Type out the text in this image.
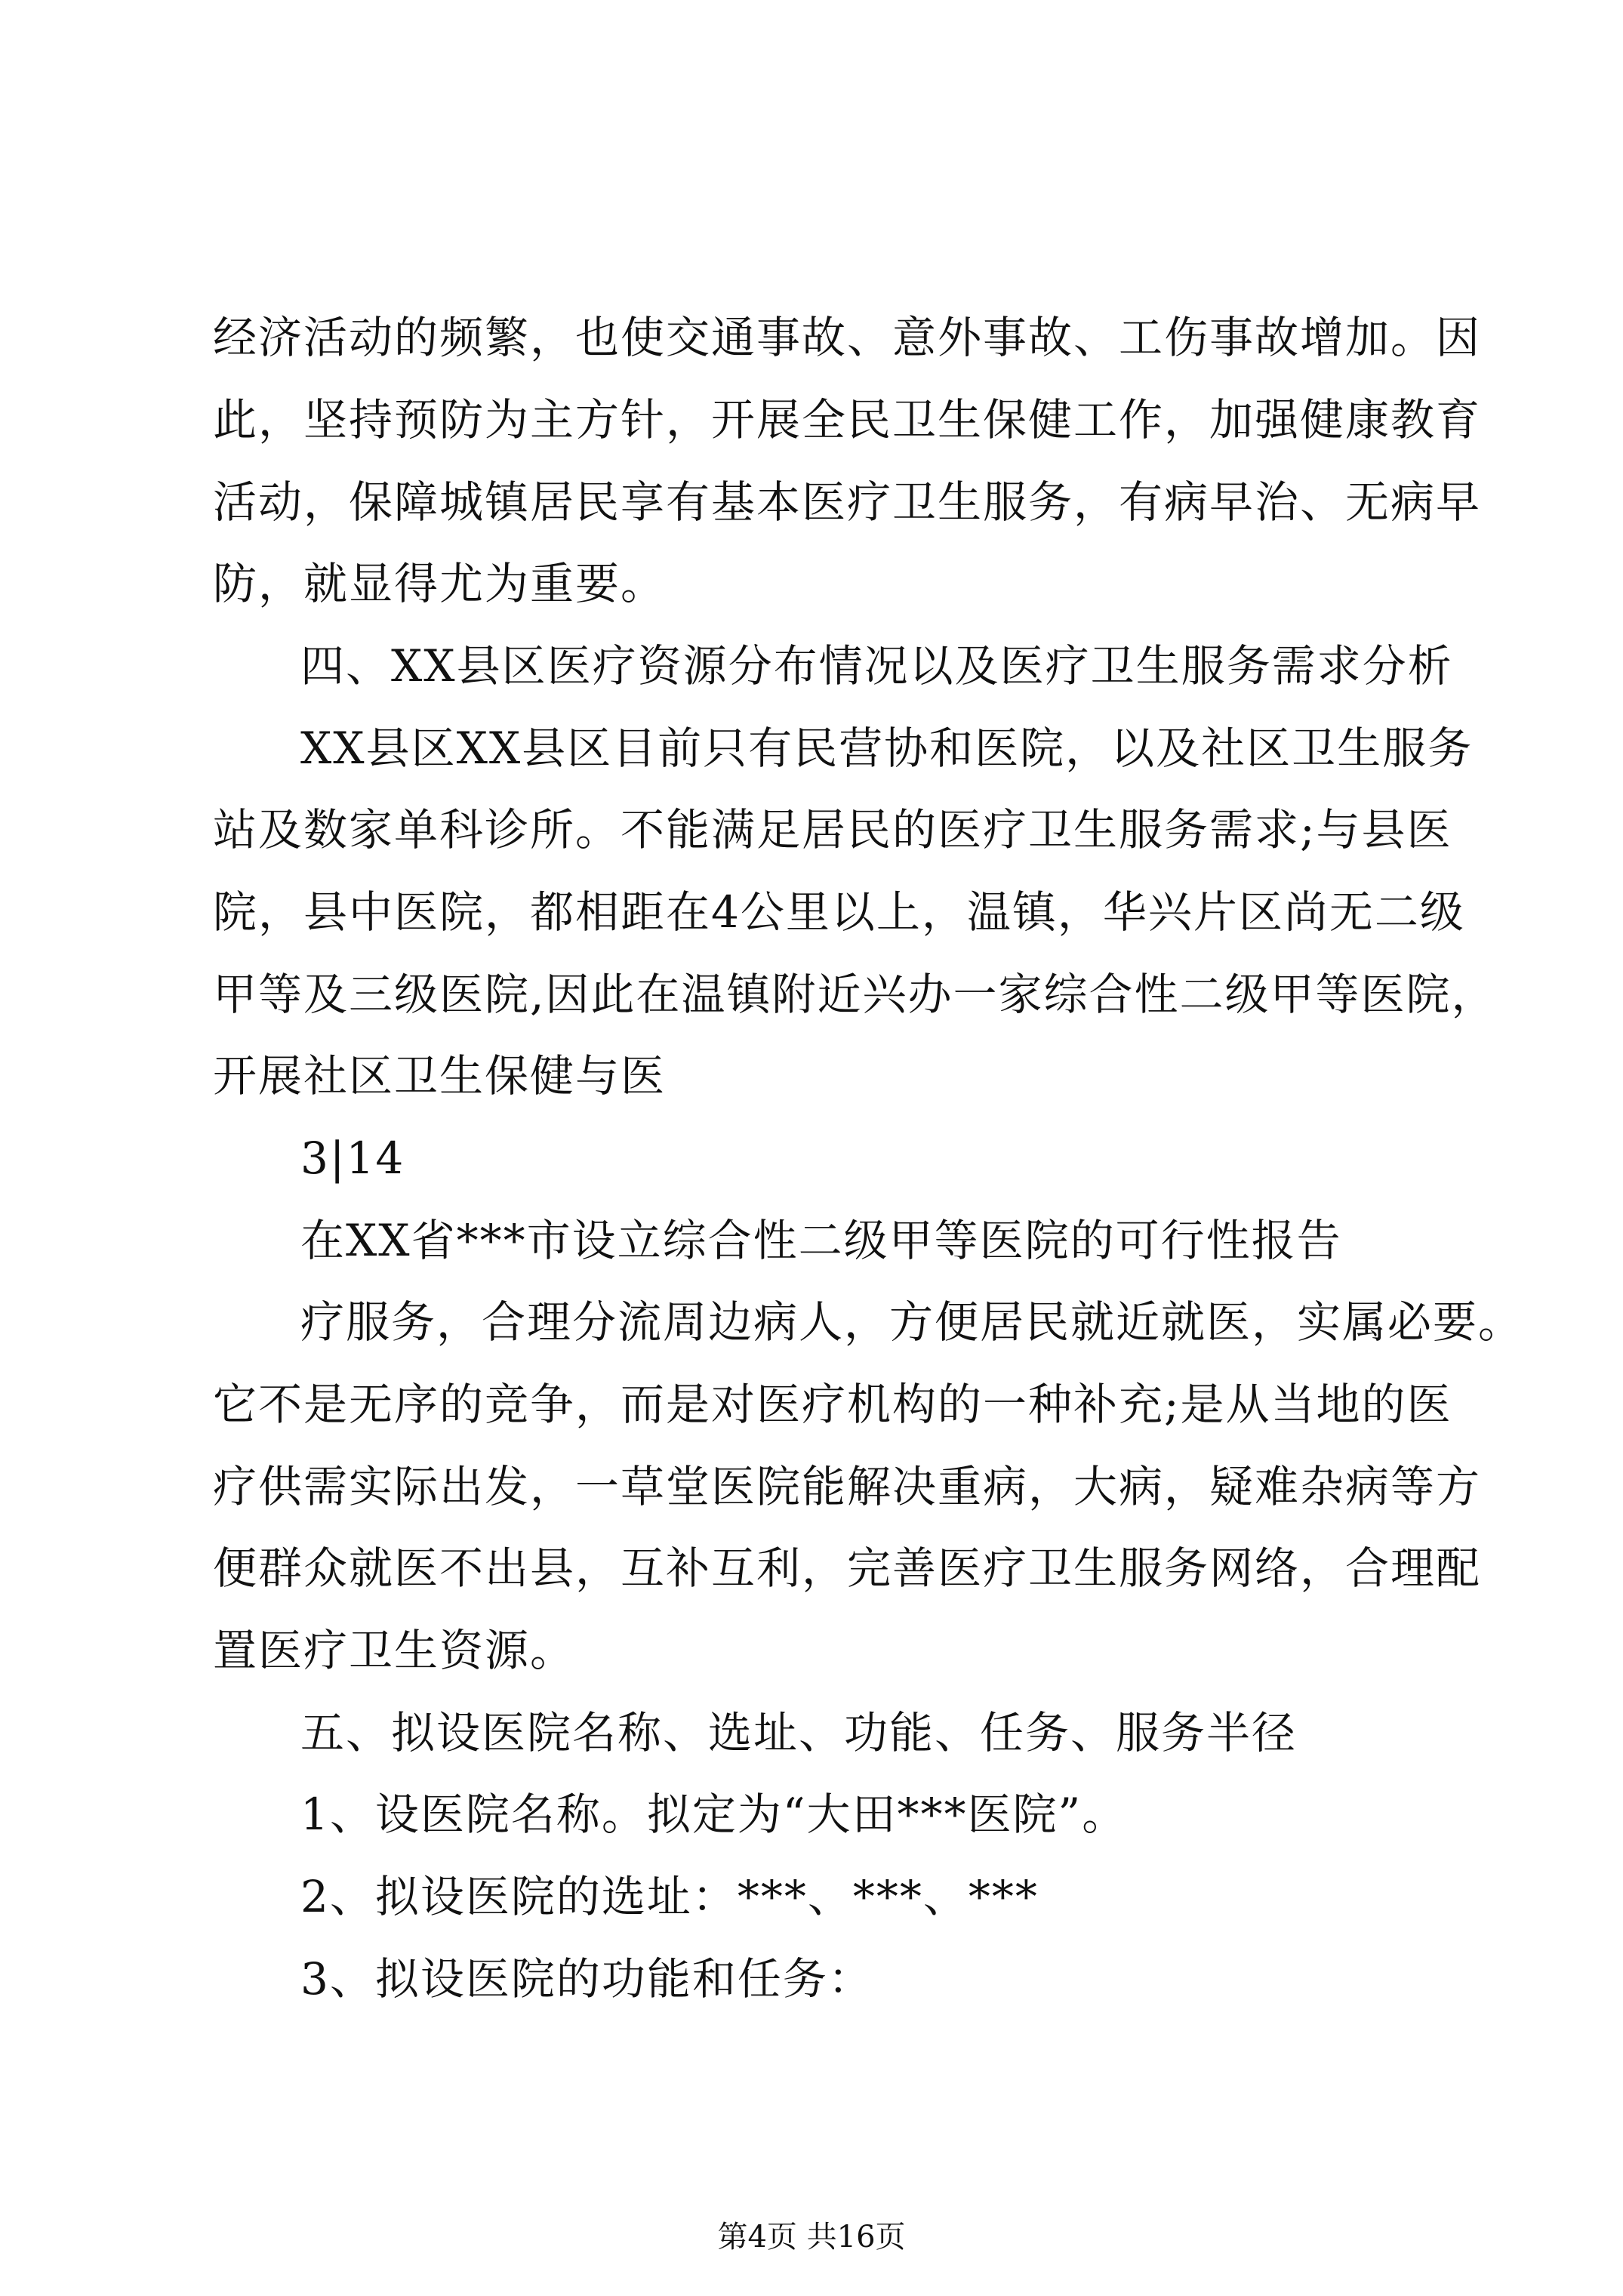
经济活动的频繁，也使交通事故、意外事故、工伤事故增加。因
此，坚持预防为主方针，开展全民卫生保健工作，加强健康教育
活动，保障城镇居民享有基本医疗卫生服务，有病早治、无病早
防，就显得尤为重要。
四、XX县区医疗资源分布情况以及医疗卫生服务需求分析
XX县区XX县区目前只有民营协和医院，以及社区卫生服务
站及数家单科诊所。不能满足居民的医疗卫生服务需求;与县医
院，县中医院，都相距在4公里以上，温镇，华兴片区尚无二级
甲等及三级医院,因此在温镇附近兴办一家综合性二级甲等医院，
开展社区卫生保健与医
3|14
在XX省***市设立综合性二级甲等医院的可行性报告
疗服务，合理分流周边病人，方便居民就近就医，实属必要。
它不是无序的竞争，而是对医疗机构的一种补充;是从当地的医
疗供需实际出发，一草堂医院能解决重病，大病，疑难杂病等方
便群众就医不出县，互补互利，完善医疗卫生服务网络，合理配
置医疗卫生资源。
五、拟设医院名称、选址、功能、任务、服务半径
1、设医院名称。拟定为“大田***医院”。
2、拟设医院的选址：***、***、***
3、拟设医院的功能和任务：
第4页 共16页
